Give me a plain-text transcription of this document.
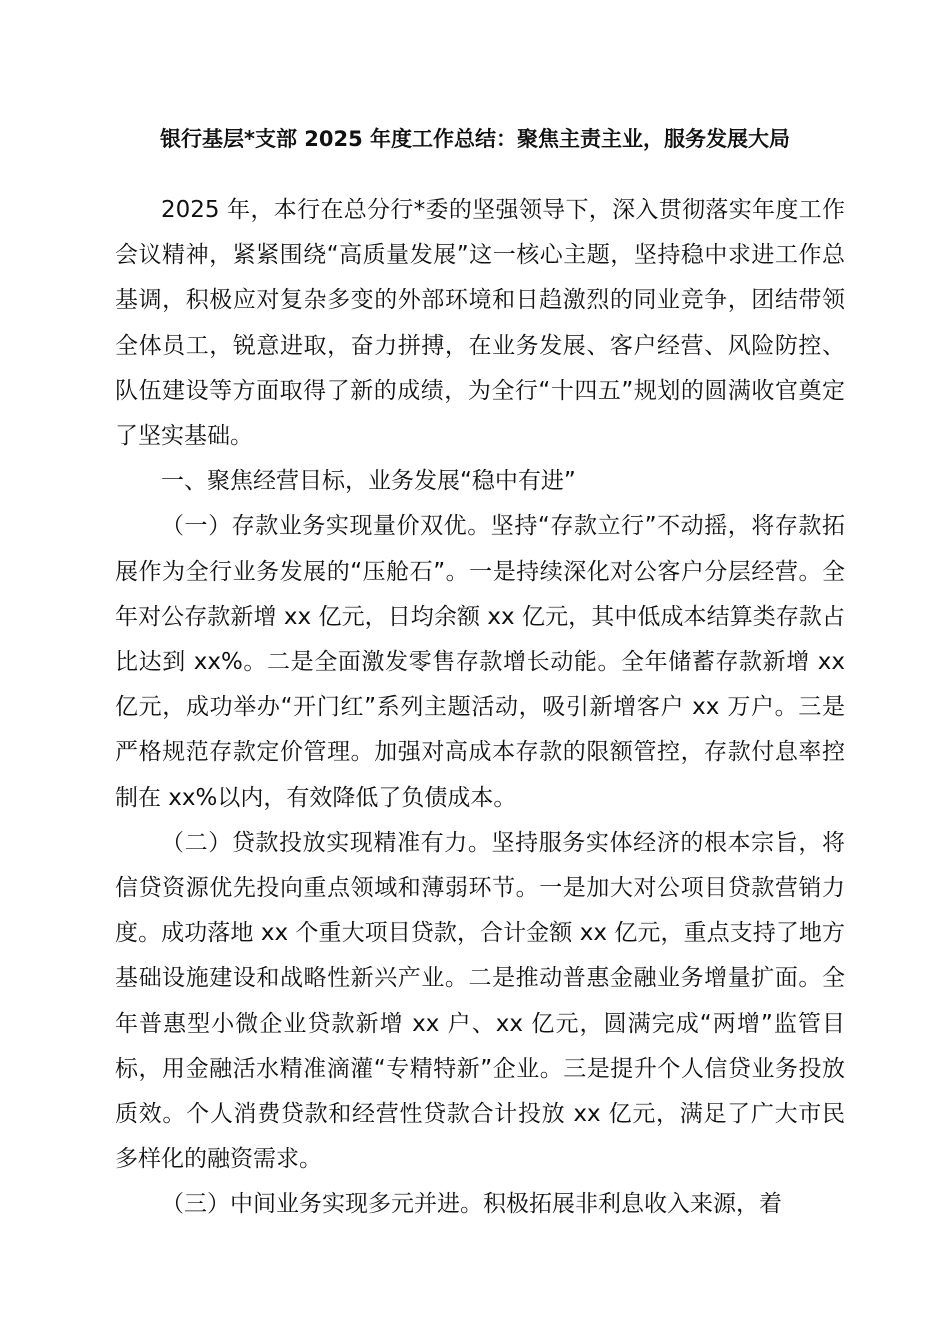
银行基层*支部 2025 年度工作总结：聚焦主责主业，服务发展大局

2025 年，本行在总分行*委的坚强领导下，深入贯彻落实年度工作会议精神，紧紧围绕“高质量发展”这一核心主题，坚持稳中求进工作总基调，积极应对复杂多变的外部环境和日趋激烈的同业竞争，团结带领全体员工，锐意进取，奋力拼搏，在业务发展、客户经营、风险防控、队伍建设等方面取得了新的成绩，为全行“十四五”规划的圆满收官奠定了坚实基础。

一、聚焦经营目标，业务发展“稳中有进”

（一）存款业务实现量价双优。坚持“存款立行”不动摇，将存款拓展作为全行业务发展的“压舱石”。一是持续深化对公客户分层经营。全年对公存款新增 xx 亿元，日均余额 xx 亿元，其中低成本结算类存款占比达到 xx%。二是全面激发零售存款增长动能。全年储蓄存款新增 xx 亿元，成功举办“开门红”系列主题活动，吸引新增客户 xx 万户。三是严格规范存款定价管理。加强对高成本存款的限额管控，存款付息率控制在 xx%以内，有效降低了负债成本。

（二）贷款投放实现精准有力。坚持服务实体经济的根本宗旨，将信贷资源优先投向重点领域和薄弱环节。一是加大对公项目贷款营销力度。成功落地 xx 个重大项目贷款，合计金额 xx 亿元，重点支持了地方基础设施建设和战略性新兴产业。二是推动普惠金融业务增量扩面。全年普惠型小微企业贷款新增 xx 户、xx 亿元，圆满完成“两增”监管目标，用金融活水精准滴灌“专精特新”企业。三是提升个人信贷业务投放质效。个人消费贷款和经营性贷款合计投放 xx 亿元，满足了广大市民多样化的融资需求。

（三）中间业务实现多元并进。积极拓展非利息收入来源，着
